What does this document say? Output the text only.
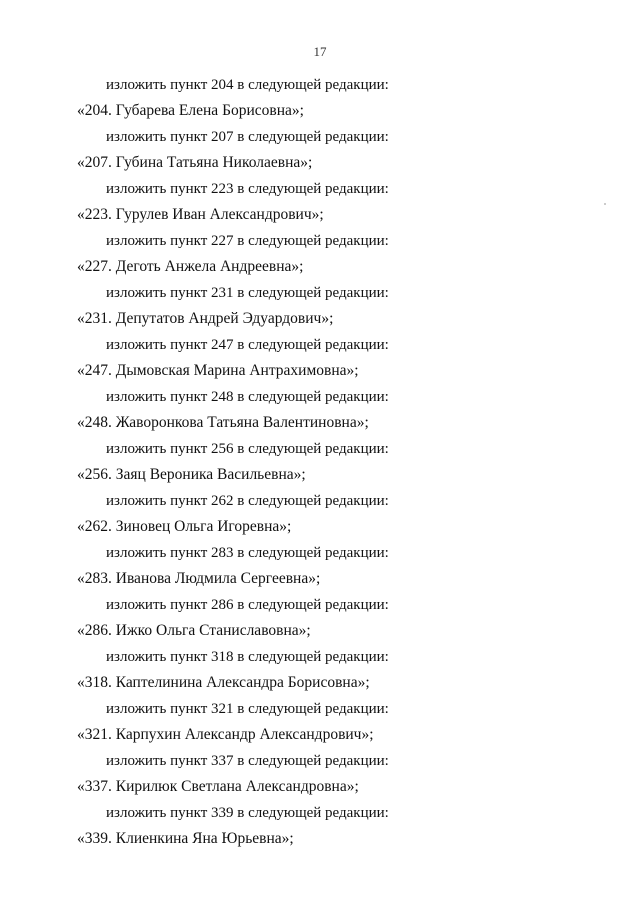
17
изложить пункт 204 в следующей редакции:
«204. Губарева Елена Борисовна»;
изложить пункт 207 в следующей редакции:
«207. Губина Татьяна Николаевна»;
изложить пункт 223 в следующей редакции:
«223. Гурулев Иван Александрович»;
изложить пункт 227 в следующей редакции:
«227. Деготь Анжела Андреевна»;
изложить пункт 231 в следующей редакции:
«231. Депутатов Андрей Эдуардович»;
изложить пункт 247 в следующей редакции:
«247. Дымовская Марина Антрахимовна»;
изложить пункт 248 в следующей редакции:
«248. Жаворонкова Татьяна Валентиновна»;
изложить пункт 256 в следующей редакции:
«256. Заяц Вероника Васильевна»;
изложить пункт 262 в следующей редакции:
«262. Зиновец Ольга Игоревна»;
изложить пункт 283 в следующей редакции:
«283. Иванова Людмила Сергеевна»;
изложить пункт 286 в следующей редакции:
«286. Ижко Ольга Станиславовна»;
изложить пункт 318 в следующей редакции:
«318. Каптелинина Александра Борисовна»;
изложить пункт 321 в следующей редакции:
«321. Карпухин Александр Александрович»;
изложить пункт 337 в следующей редакции:
«337. Кирилюк Светлана Александровна»;
изложить пункт 339 в следующей редакции:
«339. Клиенкина Яна Юрьевна»;
